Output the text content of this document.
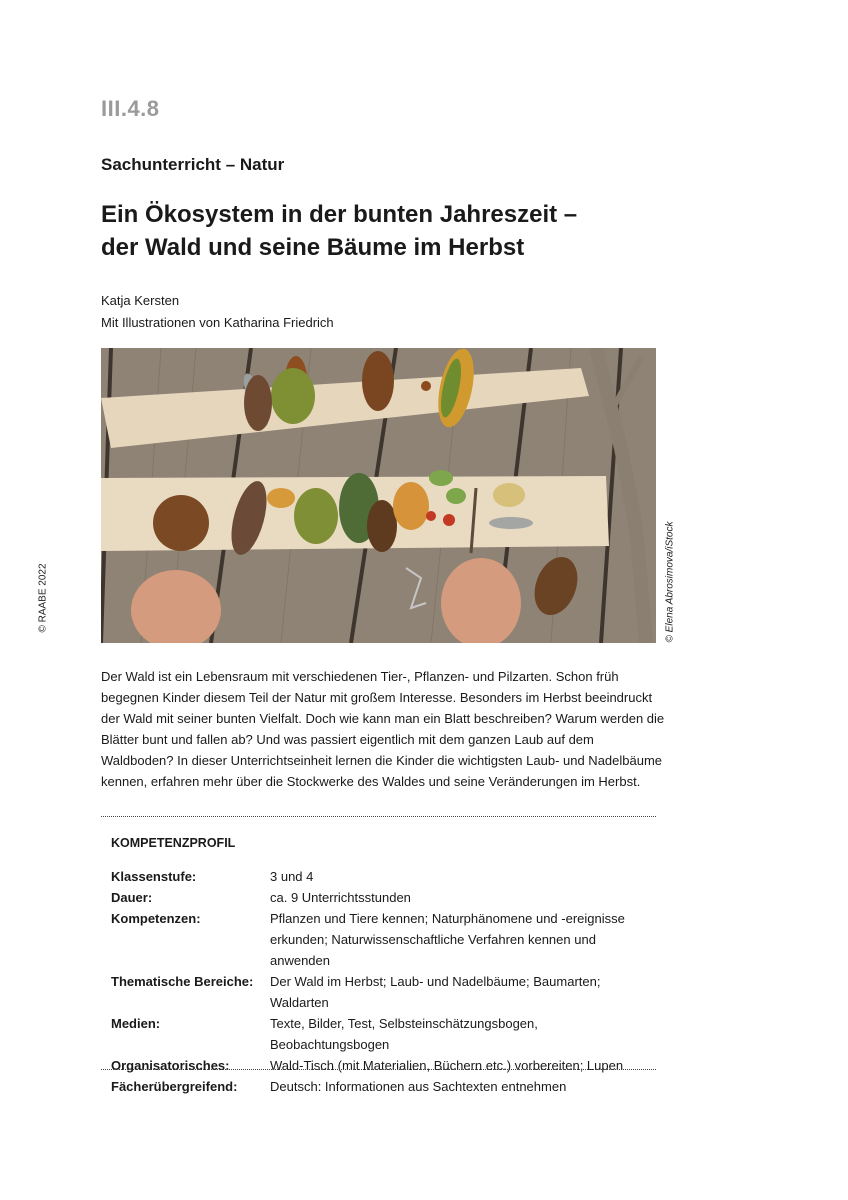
III.4.8
Sachunterricht – Natur
Ein Ökosystem in der bunten Jahreszeit –
der Wald und seine Bäume im Herbst
Katja Kersten
Mit Illustrationen von Katharina Friedrich
© RAABE 2022	© Elena Abrosimova/iStock

Der Wald ist ein Lebensraum mit verschiedenen Tier-, Pflanzen- und Pilzarten. Schon früh begegnen Kinder diesem Teil der Natur mit großem Interesse. Besonders im Herbst beeindruckt der Wald mit seiner bunten Vielfalt. Doch wie kann man ein Blatt beschreiben? Warum werden die Blätter bunt und fallen ab? Und was passiert eigentlich mit dem ganzen Laub auf dem Waldboden? In dieser Unterrichtseinheit lernen die Kinder die wichtigsten Laub- und Nadelbäume kennen, erfahren mehr über die Stockwerke des Waldes und seine Veränderungen im Herbst.

KOMPETENZPROFIL
Klassenstufe:	3 und 4
Dauer:	ca. 9 Unterrichtsstunden
Kompetenzen:	Pflanzen und Tiere kennen; Naturphänomene und -ereignisse erkunden; Naturwissenschaftliche Verfahren kennen und anwenden
Thematische Bereiche:	Der Wald im Herbst; Laub- und Nadelbäume; Baumarten; Waldarten
Medien:	Texte, Bilder, Test, Selbsteinschätzungsbogen, Beobachtungsbogen
Organisatorisches:	Wald-Tisch (mit Materialien, Büchern etc.) vorbereiten; Lupen
Fächerübergreifend:	Deutsch: Informationen aus Sachtexten entnehmen
